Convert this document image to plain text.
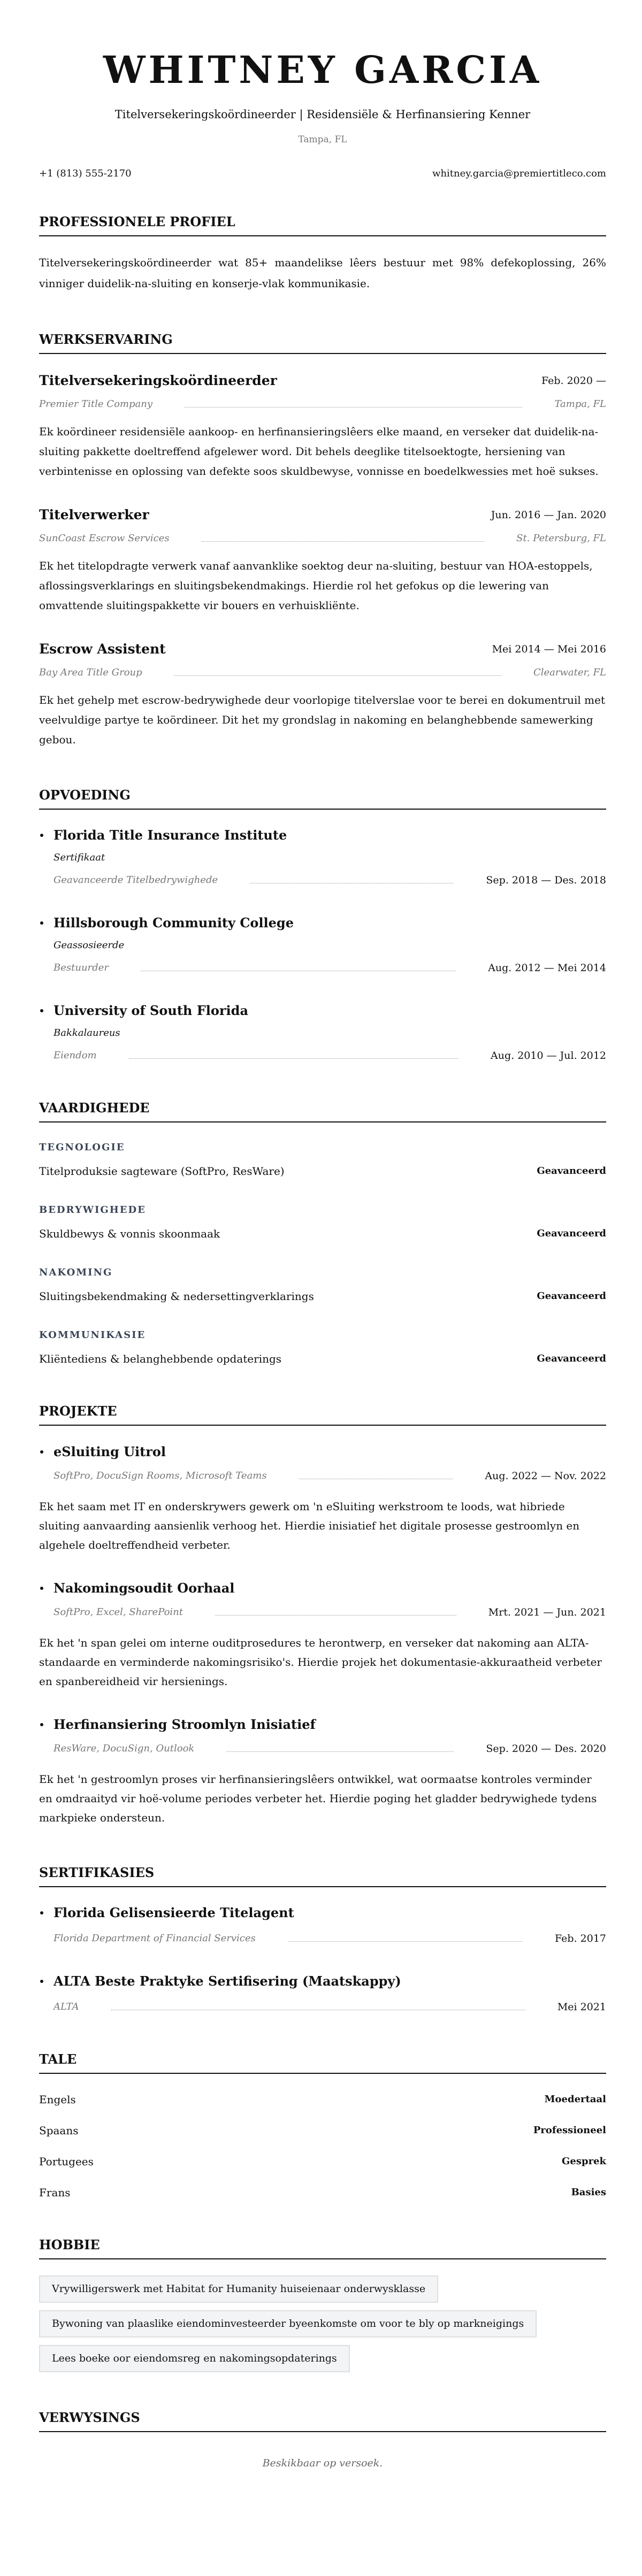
WHITNEY GARCIA
Titelversekeringskoördineerder | Residensiële & Herfinansiering Kenner
Tampa, FL
+1 (813) 555-2170	whitney.garcia@premiertitleco.com
PROFESSIONELE PROFIEL
Titelversekeringskoördineerder wat 85+ maandelikse lêers bestuur met 98% defekoplossing, 26% vinniger duidelik-na-sluiting en konserje-vlak kommunikasie.
WERKSERVARING
Titelversekeringskoördineerder	Feb. 2020 —
Premier Title Company	Tampa, FL
Ek koördineer residensiële aankoop- en herfinansieringslêers elke maand, en verseker dat duidelik-na-sluiting pakkette doeltreffend afgelewer word. Dit behels deeglike titelsoektogte, hersiening van verbintenisse en oplossing van defekte soos skuldbewyse, vonnisse en boedelkwessies met hoë sukses.
Titelverwerker	Jun. 2016 — Jan. 2020
SunCoast Escrow Services	St. Petersburg, FL
Ek het titelopdragte verwerk vanaf aanvanklike soektog deur na-sluiting, bestuur van HOA-estoppels, aflossingsverklarings en sluitingsbekendmakings. Hierdie rol het gefokus op die lewering van omvattende sluitingspakkette vir bouers en verhuiskliënte.
Escrow Assistent	Mei 2014 — Mei 2016
Bay Area Title Group	Clearwater, FL
Ek het gehelp met escrow-bedrywighede deur voorlopige titelverslae voor te berei en dokumentruil met veelvuldige partye te koördineer. Dit het my grondslag in nakoming en belanghebbende samewerking gebou.
OPVOEDING
Florida Title Insurance Institute
Sertifikaat
Geavanceerde Titelbedrywighede	Sep. 2018 — Des. 2018
Hillsborough Community College
Geassosieerde
Bestuurder	Aug. 2012 — Mei 2014
University of South Florida
Bakkalaureus
Eiendom	Aug. 2010 — Jul. 2012
VAARDIGHEDE
TEGNOLOGIE
Titelproduksie sagteware (SoftPro, ResWare)	Geavanceerd
BEDRYWIGHEDE
Skuldbewys & vonnis skoonmaak	Geavanceerd
NAKOMING
Sluitingsbekendmaking & nedersettingverklarings	Geavanceerd
KOMMUNIKASIE
Kliëntediens & belanghebbende opdaterings	Geavanceerd
PROJEKTE
eSluiting Uitrol
SoftPro, DocuSign Rooms, Microsoft Teams	Aug. 2022 — Nov. 2022
Ek het saam met IT en onderskrywers gewerk om 'n eSluiting werkstroom te loods, wat hibriede sluiting aanvaarding aansienlik verhoog het. Hierdie inisiatief het digitale prosesse gestroomlyn en algehele doeltreffendheid verbeter.
Nakomingsoudit Oorhaal
SoftPro, Excel, SharePoint	Mrt. 2021 — Jun. 2021
Ek het 'n span gelei om interne ouditprosedures te herontwerp, en verseker dat nakoming aan ALTA-standaarde en verminderde nakomingsrisiko's. Hierdie projek het dokumentasie-akkuraatheid verbeter en spanbereidheid vir hersienings.
Herfinansiering Stroomlyn Inisiatief
ResWare, DocuSign, Outlook	Sep. 2020 — Des. 2020
Ek het 'n gestroomlyn proses vir herfinansieringslêers ontwikkel, wat oormaatse kontroles verminder en omdraaityd vir hoë-volume periodes verbeter het. Hierdie poging het gladder bedrywighede tydens markpieke ondersteun.
SERTIFIKASIES
Florida Gelisensieerde Titelagent
Florida Department of Financial Services	Feb. 2017
ALTA Beste Praktyke Sertifisering (Maatskappy)
ALTA	Mei 2021
TALE
Engels	Moedertaal
Spaans	Professioneel
Portugees	Gesprek
Frans	Basies
HOBBIE
Vrywilligerswerk met Habitat for Humanity huiseienaar onderwysklasse
Bywoning van plaaslike eiendominvesteerder byeenkomste om voor te bly op markneigings
Lees boeke oor eiendomsreg en nakomingsopdaterings
VERWYSINGS
Beskikbaar op versoek.
